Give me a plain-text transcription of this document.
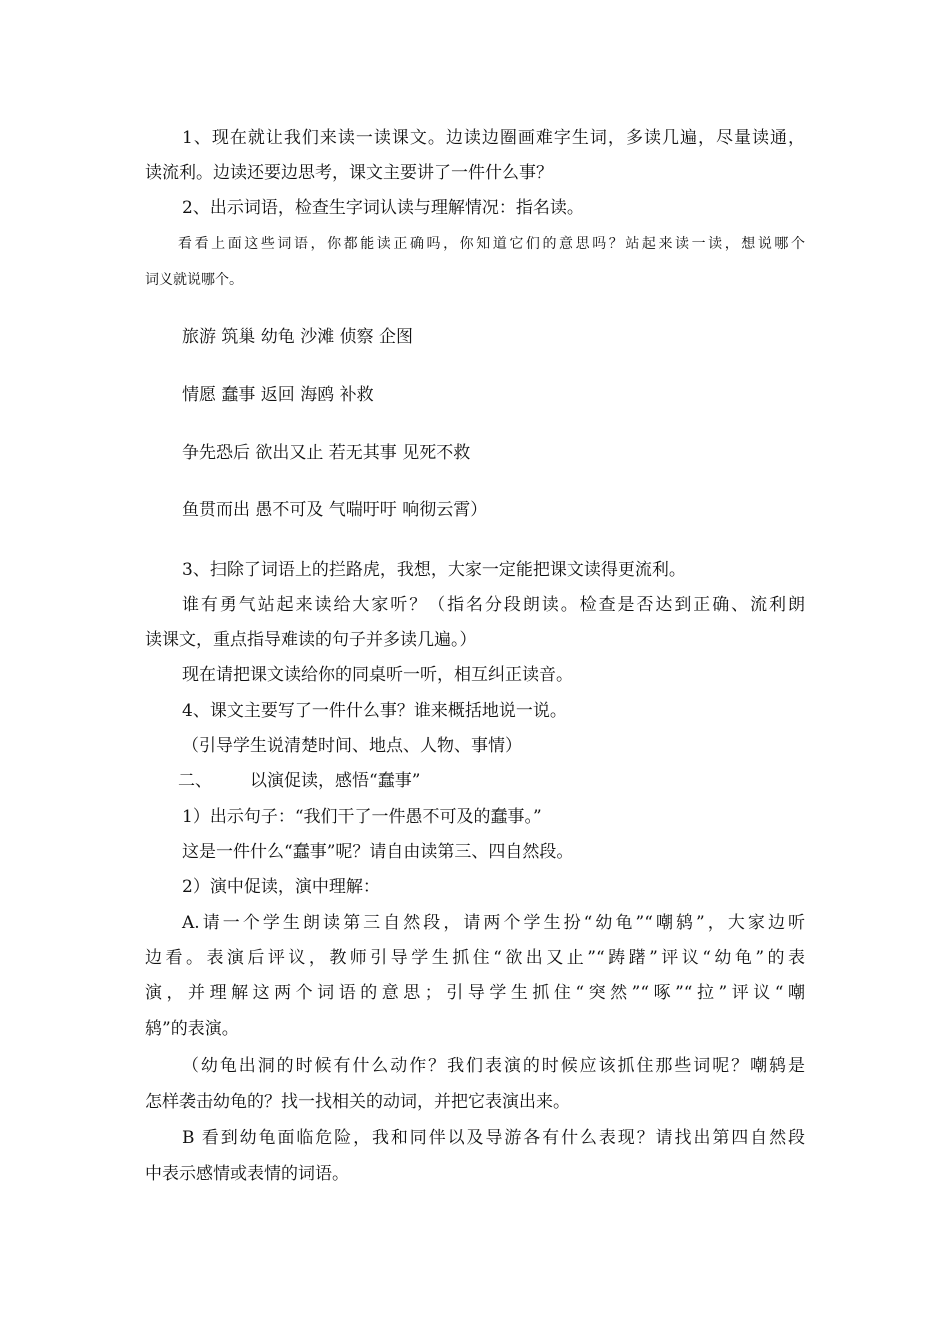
1、现在就让我们来读一读课文。边读边圈画难字生词，多读几遍，尽量读通，
读流利。边读还要边思考，课文主要讲了一件什么事？
2、出示词语，检查生字词认读与理解情况：指名读。
看看上面这些词语，你都能读正确吗，你知道它们的意思吗？站起来读一读，想说哪个
词义就说哪个。
旅游 筑巢 幼龟 沙滩 侦察 企图
情愿 蠢事 返回 海鸥 补救
争先恐后 欲出又止 若无其事 见死不救
鱼贯而出 愚不可及 气喘吁吁 响彻云霄）
3、扫除了词语上的拦路虎，我想，大家一定能把课文读得更流利。
谁有勇气站起来读给大家听？（指名分段朗读。检查是否达到正确、流利朗
读课文，重点指导难读的句子并多读几遍。）
现在请把课文读给你的同桌听一听，相互纠正读音。
4、课文主要写了一件什么事？谁来概括地说一说。
（引导学生说清楚时间、地点、人物、事情）
二、 以演促读，感悟“蠢事”
1）出示句子：“我们干了一件愚不可及的蠢事。”
这是一件什么“蠢事”呢？请自由读第三、四自然段。
2）演中促读，演中理解：
A.请一个学生朗读第三自然段，请两个学生扮“幼龟”“嘲鸫”，大家边听
边看。表演后评议，教师引导学生抓住“欲出又止”“踌躇”评议“幼龟”的表
演，并理解这两个词语的意思；引导学生抓住“突然”“啄”“拉”评议“嘲
鸫”的表演。
（幼龟出洞的时候有什么动作？我们表演的时候应该抓住那些词呢？嘲鸫是
怎样袭击幼龟的？找一找相关的动词，并把它表演出来。
B 看到幼龟面临危险，我和同伴以及导游各有什么表现？请找出第四自然段
中表示感情或表情的词语。
